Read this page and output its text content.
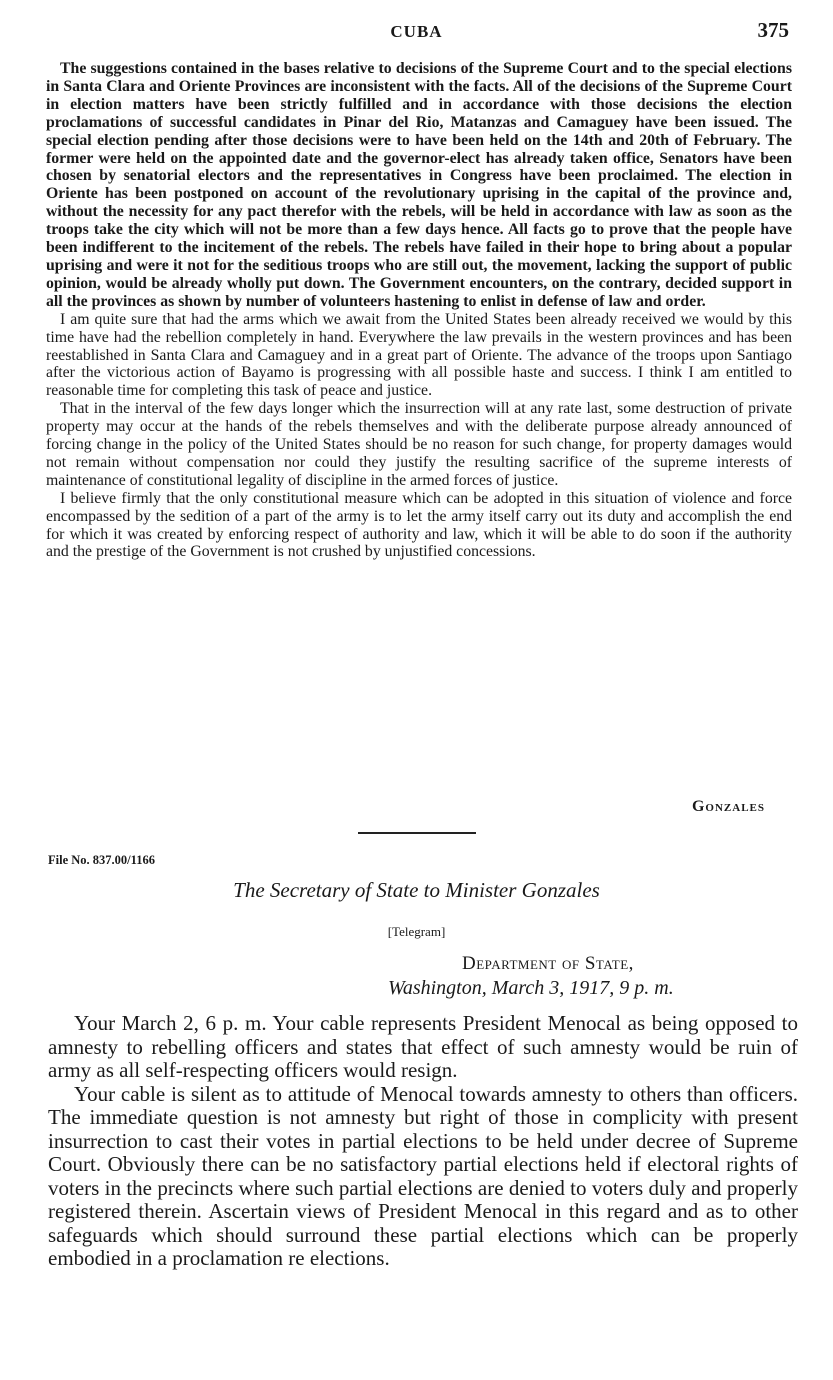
CUBA	375

The suggestions contained in the bases relative to decisions of the Supreme Court and to the special elections in Santa Clara and Oriente Provinces are inconsistent with the facts. All of the decisions of the Supreme Court in election matters have been strictly fulfilled and in accordance with those decisions the election proclamations of successful candidates in Pinar del Rio, Matanzas and Camaguey have been issued. The special election pending after those decisions were to have been held on the 14th and 20th of February. The former were held on the appointed date and the governor-elect has already taken office, Senators have been chosen by senatorial electors and the representatives in Congress have been proclaimed. The election in Oriente has been postponed on account of the revolutionary uprising in the capital of the province and, without the necessity for any pact therefor with the rebels, will be held in accordance with law as soon as the troops take the city which will not be more than a few days hence. All facts go to prove that the people have been indifferent to the incitement of the rebels. The rebels have failed in their hope to bring about a popular uprising and were it not for the seditious troops who are still out, the movement, lacking the support of public opinion, would be already wholly put down. The Government encounters, on the contrary, decided support in all the provinces as shown by number of volunteers hastening to enlist in defense of law and order.

I am quite sure that had the arms which we await from the United States been already received we would by this time have had the rebellion completely in hand. Everywhere the law prevails in the western provinces and has been reestablished in Santa Clara and Camaguey and in a great part of Oriente. The advance of the troops upon Santiago after the victorious action of Bayamo is progressing with all possible haste and success. I think I am entitled to reasonable time for completing this task of peace and justice.

That in the interval of the few days longer which the insurrection will at any rate last, some destruction of private property may occur at the hands of the rebels themselves and with the deliberate purpose already announced of forcing change in the policy of the United States should be no reason for such change, for property damages would not remain without compensation nor could they justify the resulting sacrifice of the supreme interests of maintenance of constitutional legality of discipline in the armed forces of justice.

I believe firmly that the only constitutional measure which can be adopted in this situation of violence and force encompassed by the sedition of a part of the army is to let the army itself carry out its duty and accomplish the end for which it was created by enforcing respect of authority and law, which it will be able to do soon if the authority and the prestige of the Government is not crushed by unjustified concessions.

Gonzales
File No. 837.00/1166
The Secretary of State to Minister Gonzales
[Telegram]
Department of State,
Washington, March 3, 1917, 9 p. m.

Your March 2, 6 p. m. Your cable represents President Menocal as being opposed to amnesty to rebelling officers and states that effect of such amnesty would be ruin of army as all self-respecting officers would resign.

Your cable is silent as to attitude of Menocal towards amnesty to others than officers. The immediate question is not amnesty but right of those in complicity with present insurrection to cast their votes in partial elections to be held under decree of Supreme Court. Obviously there can be no satisfactory partial elections held if electoral rights of voters in the precincts where such partial elections are denied to voters duly and properly registered therein. Ascertain views of President Menocal in this regard and as to other safeguards which should surround these partial elections which can be properly embodied in a proclamation re elections.
